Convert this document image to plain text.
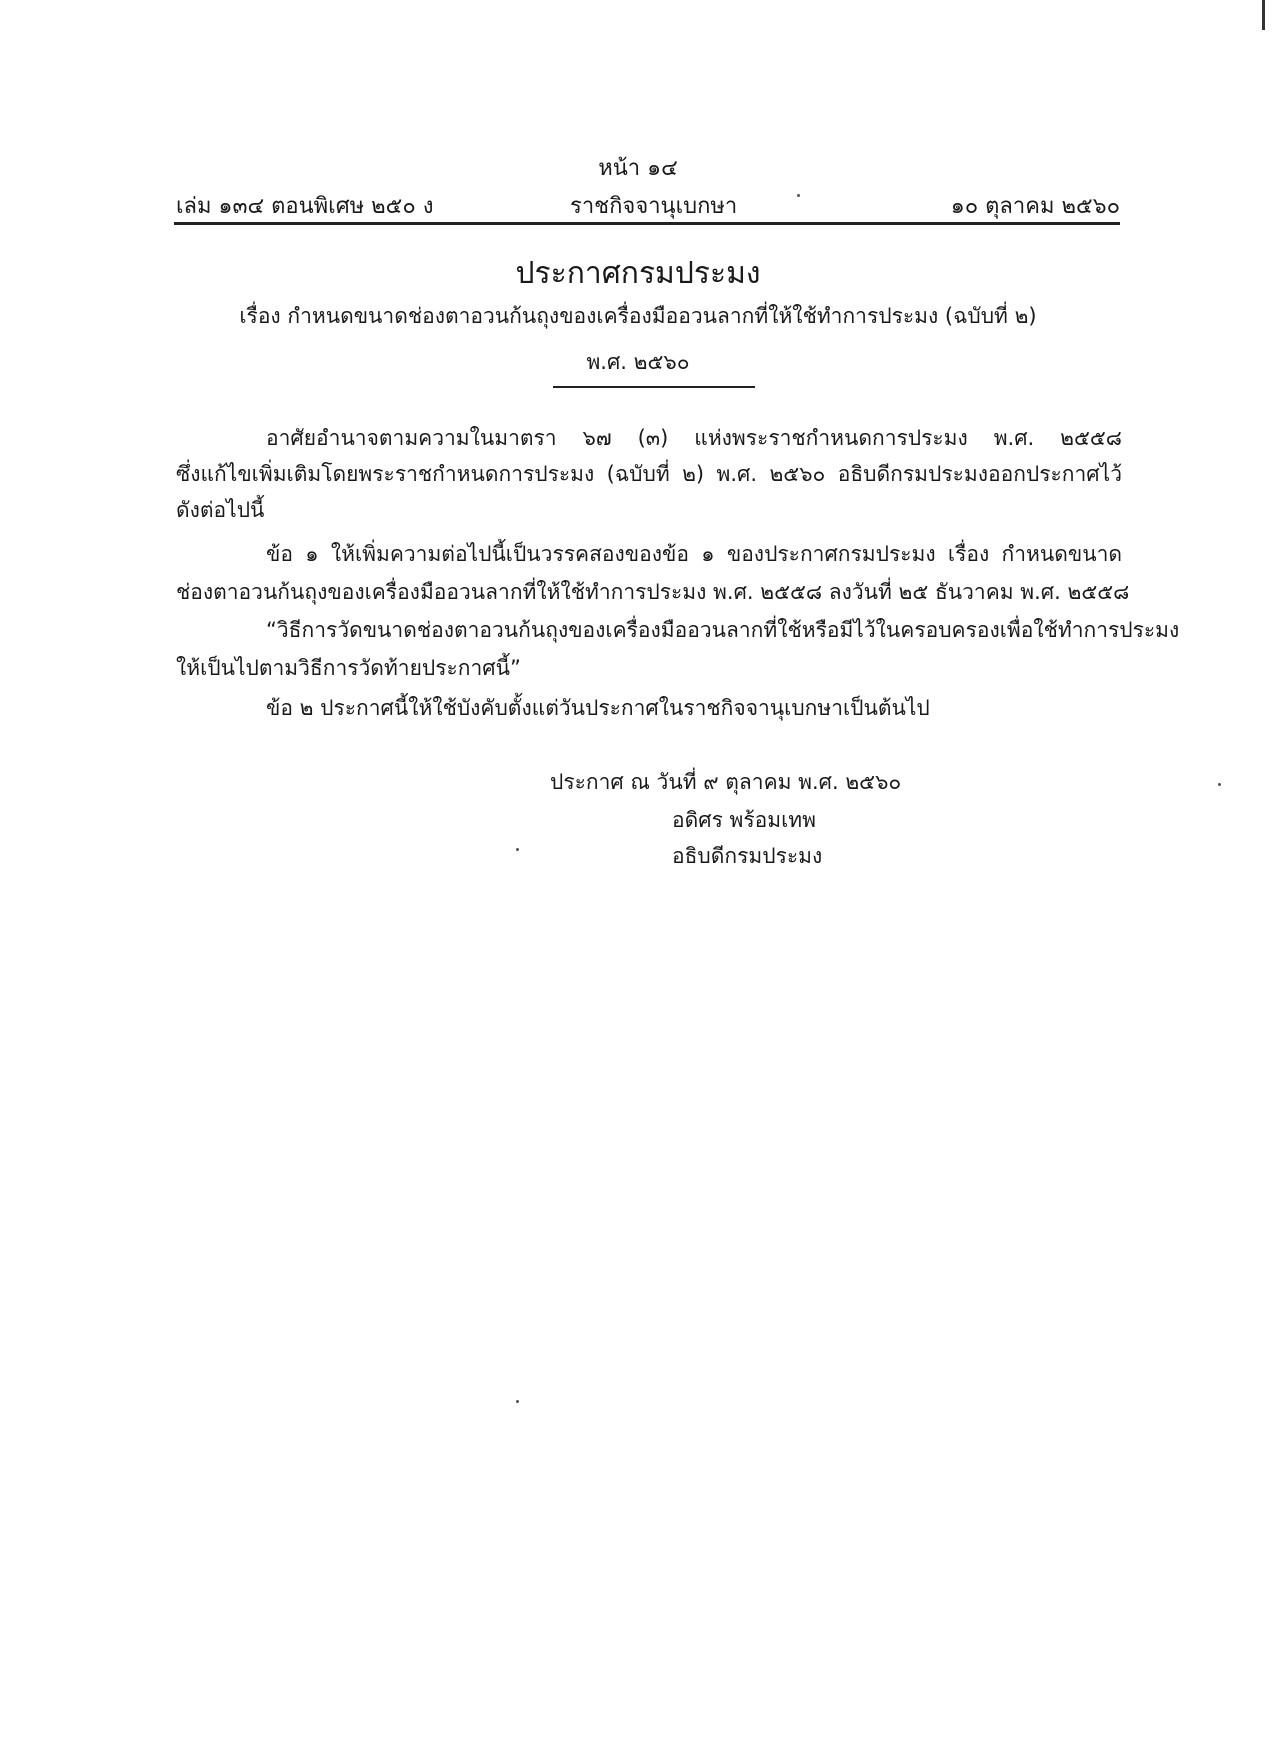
หน้า ๑๔
เล่ม ๑๓๔ ตอนพิเศษ ๒๕๐ ง	ราชกิจจานุเบกษา	๑๐ ตุลาคม ๒๕๖๐
ประกาศกรมประมง
เรื่อง กำหนดขนาดช่องตาอวนก้นถุงของเครื่องมืออวนลากที่ให้ใช้ทำการประมง (ฉบับที่ ๒)
พ.ศ. ๒๕๖๐
อาศัยอำนาจตามความในมาตรา ๖๗ (๓) แห่งพระราชกำหนดการประมง พ.ศ. ๒๕๕๘
ซึ่งแก้ไขเพิ่มเติมโดยพระราชกำหนดการประมง (ฉบับที่ ๒) พ.ศ. ๒๕๖๐ อธิบดีกรมประมงออกประกาศไว้
ดังต่อไปนี้
ข้อ ๑ ให้เพิ่มความต่อไปนี้เป็นวรรคสองของข้อ ๑ ของประกาศกรมประมง เรื่อง กำหนดขนาด
ช่องตาอวนก้นถุงของเครื่องมืออวนลากที่ให้ใช้ทำการประมง พ.ศ. ๒๕๕๘ ลงวันที่ ๒๕ ธันวาคม พ.ศ. ๒๕๕๘
“วิธีการวัดขนาดช่องตาอวนก้นถุงของเครื่องมืออวนลากที่ใช้หรือมีไว้ในครอบครองเพื่อใช้ทำการประมง
ให้เป็นไปตามวิธีการวัดท้ายประกาศนี้”
ข้อ ๒ ประกาศนี้ให้ใช้บังคับตั้งแต่วันประกาศในราชกิจจานุเบกษาเป็นต้นไป
ประกาศ ณ วันที่ ๙ ตุลาคม พ.ศ. ๒๕๖๐
อดิศร พร้อมเทพ
อธิบดีกรมประมง
